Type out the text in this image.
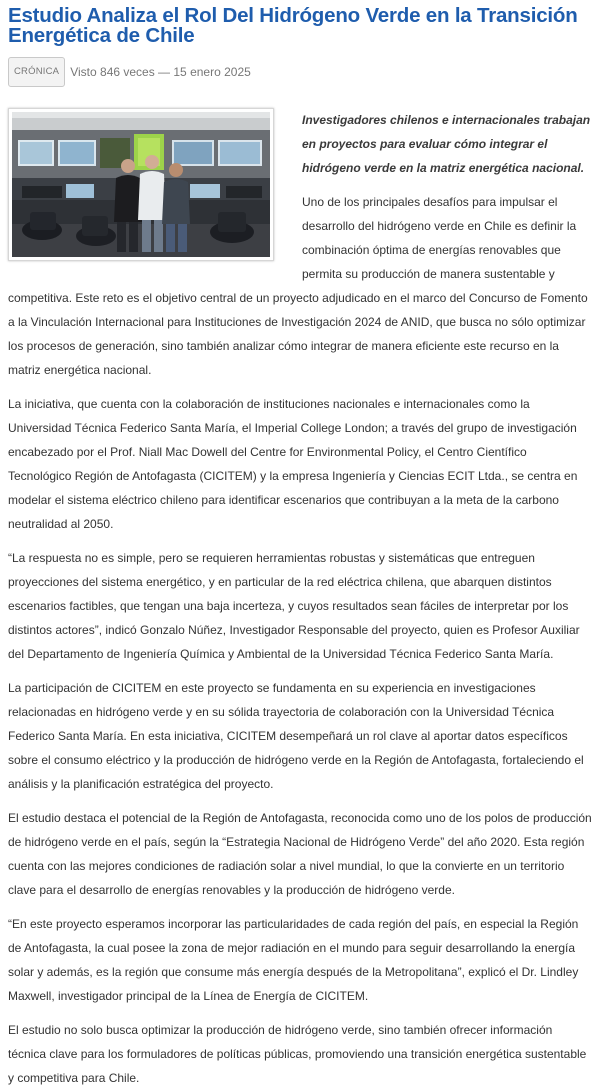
Estudio Analiza el Rol Del Hidrógeno Verde en la Transición Energética de Chile
CRÓNICA Visto 846 veces — 15 enero 2025

Investigadores chilenos e internacionales trabajan en proyectos para evaluar cómo integrar el hidrógeno verde en la matriz energética nacional.

Uno de los principales desafíos para impulsar el desarrollo del hidrógeno verde en Chile es definir la combinación óptima de energías renovables que permita su producción de manera sustentable y competitiva. Este reto es el objetivo central de un proyecto adjudicado en el marco del Concurso de Fomento a la Vinculación Internacional para Instituciones de Investigación 2024 de ANID, que busca no sólo optimizar los procesos de generación, sino también analizar cómo integrar de manera eficiente este recurso en la matriz energética nacional.

La iniciativa, que cuenta con la colaboración de instituciones nacionales e internacionales como la Universidad Técnica Federico Santa María, el Imperial College London; a través del grupo de investigación encabezado por el Prof. Niall Mac Dowell del Centre for Environmental Policy, el Centro Científico Tecnológico Región de Antofagasta (CICITEM) y la empresa Ingeniería y Ciencias ECIT Ltda., se centra en modelar el sistema eléctrico chileno para identificar escenarios que contribuyan a la meta de la carbono neutralidad al 2050.

“La respuesta no es simple, pero se requieren herramientas robustas y sistemáticas que entreguen proyecciones del sistema energético, y en particular de la red eléctrica chilena, que abarquen distintos escenarios factibles, que tengan una baja incerteza, y cuyos resultados sean fáciles de interpretar por los distintos actores”, indicó Gonzalo Núñez, Investigador Responsable del proyecto, quien es Profesor Auxiliar del Departamento de Ingeniería Química y Ambiental de la Universidad Técnica Federico Santa María.

La participación de CICITEM en este proyecto se fundamenta en su experiencia en investigaciones relacionadas en hidrógeno verde y en su sólida trayectoria de colaboración con la Universidad Técnica Federico Santa María. En esta iniciativa, CICITEM desempeñará un rol clave al aportar datos específicos sobre el consumo eléctrico y la producción de hidrógeno verde en la Región de Antofagasta, fortaleciendo el análisis y la planificación estratégica del proyecto.

El estudio destaca el potencial de la Región de Antofagasta, reconocida como uno de los polos de producción de hidrógeno verde en el país, según la “Estrategia Nacional de Hidrógeno Verde” del año 2020. Esta región cuenta con las mejores condiciones de radiación solar a nivel mundial, lo que la convierte en un territorio clave para el desarrollo de energías renovables y la producción de hidrógeno verde.

“En este proyecto esperamos incorporar las particularidades de cada región del país, en especial la Región de Antofagasta, la cual posee la zona de mejor radiación en el mundo para seguir desarrollando la energía solar y además, es la región que consume más energía después de la Metropolitana”, explicó el Dr. Lindley Maxwell, investigador principal de la Línea de Energía de CICITEM.

El estudio no solo busca optimizar la producción de hidrógeno verde, sino también ofrecer información técnica clave para los formuladores de políticas públicas, promoviendo una transición energética sustentable y competitiva para Chile.
